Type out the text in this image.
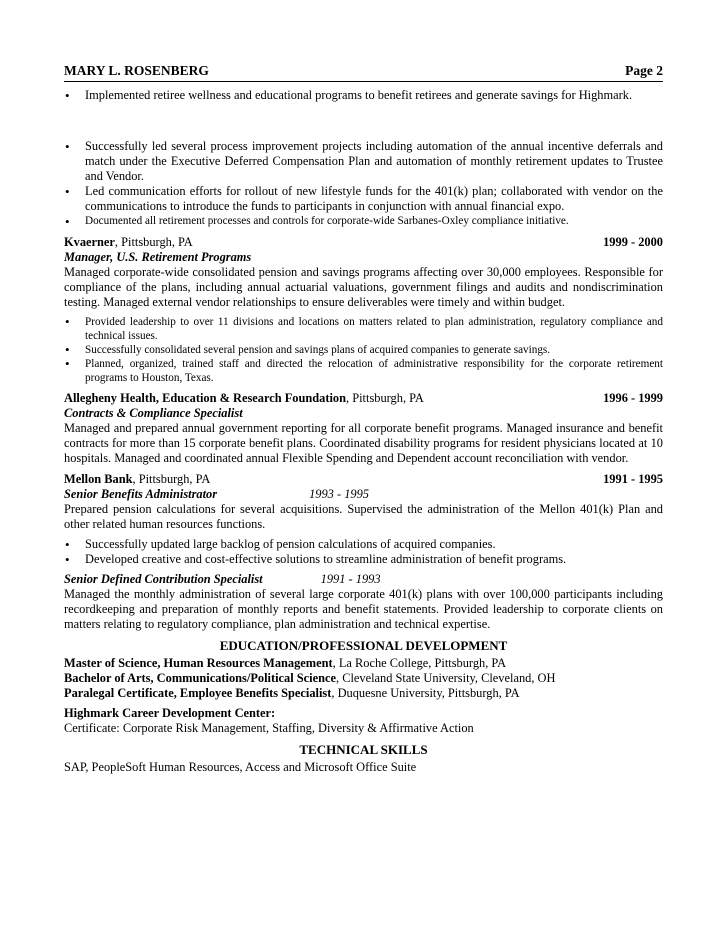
MARY L. ROSENBERG	Page 2
• Implemented retiree wellness and educational programs to benefit retirees and generate savings for Highmark.
• Successfully led several process improvement projects including automation of the annual incentive deferrals and match under the Executive Deferred Compensation Plan and automation of monthly retirement updates to Trustee and Vendor.
• Led communication efforts for rollout of new lifestyle funds for the 401(k) plan; collaborated with vendor on the communications to introduce the funds to participants in conjunction with annual financial expo.
• Documented all retirement processes and controls for corporate-wide Sarbanes-Oxley compliance initiative.
Kvaerner, Pittsburgh, PA	1999 - 2000
Manager, U.S. Retirement Programs

Managed corporate-wide consolidated pension and savings programs affecting over 30,000 employees. Responsible for compliance of the plans, including annual actuarial valuations, government filings and audits and nondiscrimination testing. Managed external vendor relationships to ensure deliverables were timely and within budget.

• Provided leadership to over 11 divisions and locations on matters related to plan administration, regulatory compliance and technical issues.
• Successfully consolidated several pension and savings plans of acquired companies to generate savings.
• Planned, organized, trained staff and directed the relocation of administrative responsibility for the corporate retirement programs to Houston, Texas.
Allegheny Health, Education & Research Foundation, Pittsburgh, PA	1996 - 1999
Contracts & Compliance Specialist

Managed and prepared annual government reporting for all corporate benefit programs. Managed insurance and benefit contracts for more than 15 corporate benefit plans. Coordinated disability programs for resident physicians located at 10 hospitals. Managed and coordinated annual Flexible Spending and Dependent account reconciliation with vendor.

Mellon Bank, Pittsburgh, PA	1991 - 1995
Senior Benefits Administrator	1993 - 1995

Prepared pension calculations for several acquisitions. Supervised the administration of the Mellon 401(k) Plan and other related human resources functions.

• Successfully updated large backlog of pension calculations of acquired companies.
• Developed creative and cost-effective solutions to streamline administration of benefit programs.
Senior Defined Contribution Specialist	1991 - 1993

Managed the monthly administration of several large corporate 401(k) plans with over 100,000 participants including recordkeeping and preparation of monthly reports and benefit statements. Provided leadership to corporate clients on matters relating to regulatory compliance, plan administration and technical expertise.

EDUCATION/PROFESSIONAL DEVELOPMENT
Master of Science, Human Resources Management, La Roche College, Pittsburgh, PA
Bachelor of Arts, Communications/Political Science, Cleveland State University, Cleveland, OH
Paralegal Certificate, Employee Benefits Specialist, Duquesne University, Pittsburgh, PA
Highmark Career Development Center:
Certificate: Corporate Risk Management, Staffing, Diversity & Affirmative Action
TECHNICAL SKILLS
SAP, PeopleSoft Human Resources, Access and Microsoft Office Suite
